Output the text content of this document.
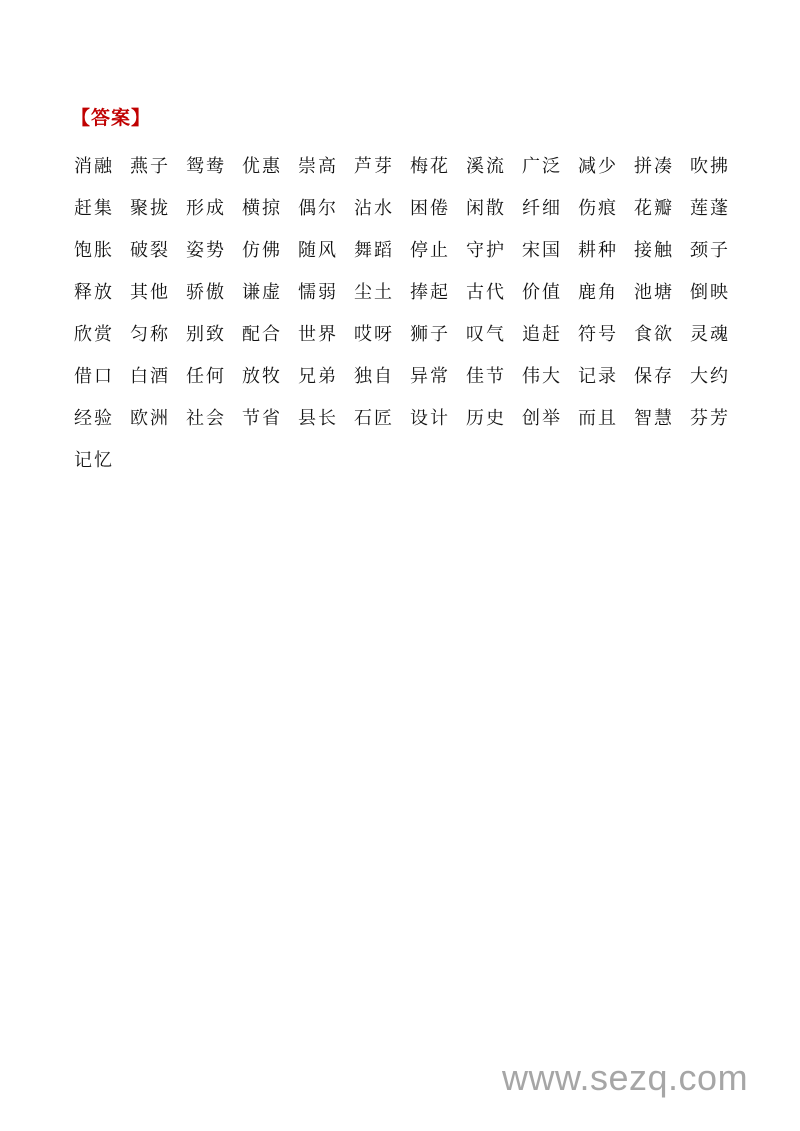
【答案】
消融 燕子 鸳鸯 优惠 崇高 芦芽 梅花 溪流 广泛 减少 拼凑 吹拂
赶集 聚拢 形成 横掠 偶尔 沾水 困倦 闲散 纤细 伤痕 花瓣 莲蓬
饱胀 破裂 姿势 仿佛 随风 舞蹈 停止 守护 宋国 耕种 接触 颈子
释放 其他 骄傲 谦虚 懦弱 尘土 捧起 古代 价值 鹿角 池塘 倒映
欣赏 匀称 别致 配合 世界 哎呀 狮子 叹气 追赶 符号 食欲 灵魂
借口 白酒 任何 放牧 兄弟 独自 异常 佳节 伟大 记录 保存 大约
经验 欧洲 社会 节省 县长 石匠 设计 历史 创举 而且 智慧 芬芳
记忆
www.sezq.com
